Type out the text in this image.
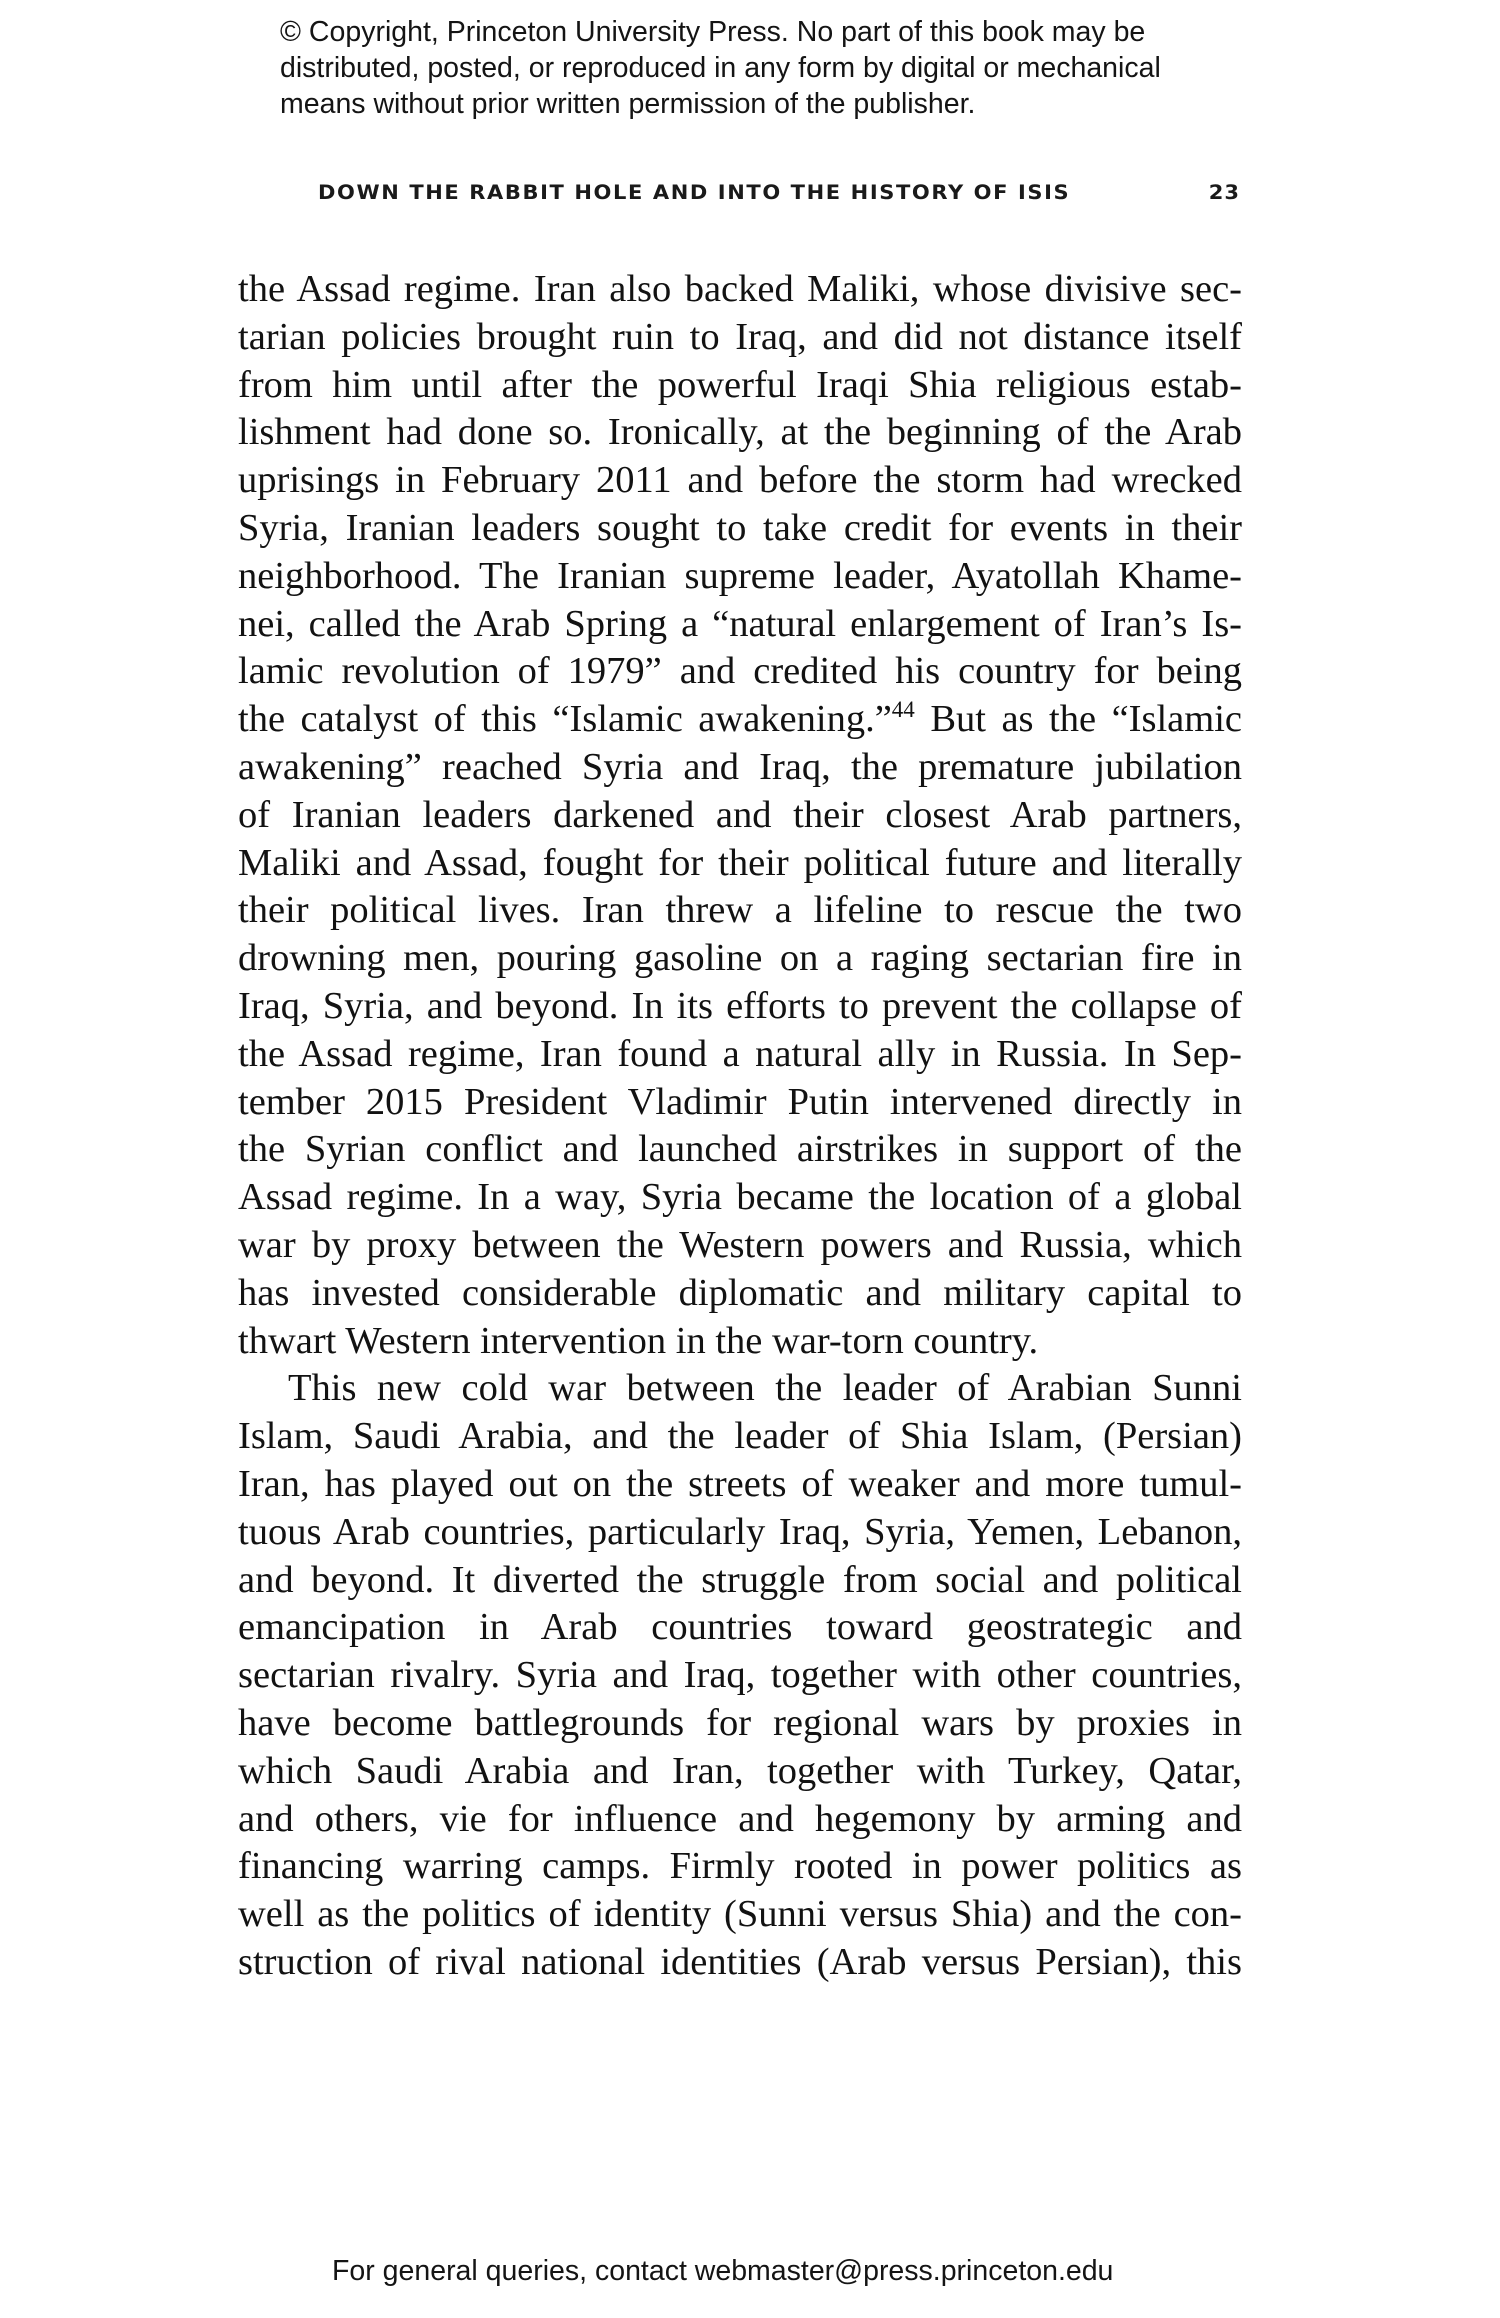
© Copyright, Princeton University Press. No part of this book may be
distributed, posted, or reproduced in any form by digital or mechanical
means without prior written permission of the publisher.
DOWN THE RABBIT HOLE AND INTO THE HISTORY OF ISIS	23
the Assad regime. Iran also backed Maliki, whose divisive sec-
tarian policies brought ruin to Iraq, and did not distance itself
from him until after the powerful Iraqi Shia religious estab-
lishment had done so. Ironically, at the beginning of the Arab
uprisings in February 2011 and before the storm had wrecked
Syria, Iranian leaders sought to take credit for events in their
neighborhood. The Iranian supreme leader, Ayatollah Khame-
nei, called the Arab Spring a “natural enlargement of Iran’s Is-
lamic revolution of 1979” and credited his country for being
the catalyst of this “Islamic awakening.”$^{44}$ But as the “Islamic
awakening” reached Syria and Iraq, the premature jubilation
of Iranian leaders darkened and their closest Arab partners,
Maliki and Assad, fought for their political future and literally
their political lives. Iran threw a lifeline to rescue the two
drowning men, pouring gasoline on a raging sectarian fire in
Iraq, Syria, and beyond. In its efforts to prevent the collapse of
the Assad regime, Iran found a natural ally in Russia. In Sep-
tember 2015 President Vladimir Putin intervened directly in
the Syrian conflict and launched airstrikes in support of the
Assad regime. In a way, Syria became the location of a global
war by proxy between the Western powers and Russia, which
has invested considerable diplomatic and military capital to
thwart Western intervention in the war-torn country.
This new cold war between the leader of Arabian Sunni
Islam, Saudi Arabia, and the leader of Shia Islam, (Persian)
Iran, has played out on the streets of weaker and more tumul-
tuous Arab countries, particularly Iraq, Syria, Yemen, Lebanon,
and beyond. It diverted the struggle from social and political
emancipation in Arab countries toward geostrategic and
sectarian rivalry. Syria and Iraq, together with other countries,
have become battlegrounds for regional wars by proxies in
which Saudi Arabia and Iran, together with Turkey, Qatar,
and others, vie for influence and hegemony by arming and
financing warring camps. Firmly rooted in power politics as
well as the politics of identity (Sunni versus Shia) and the con-
struction of rival national identities (Arab versus Persian), this
For general queries, contact webmaster@press.princeton.edu
